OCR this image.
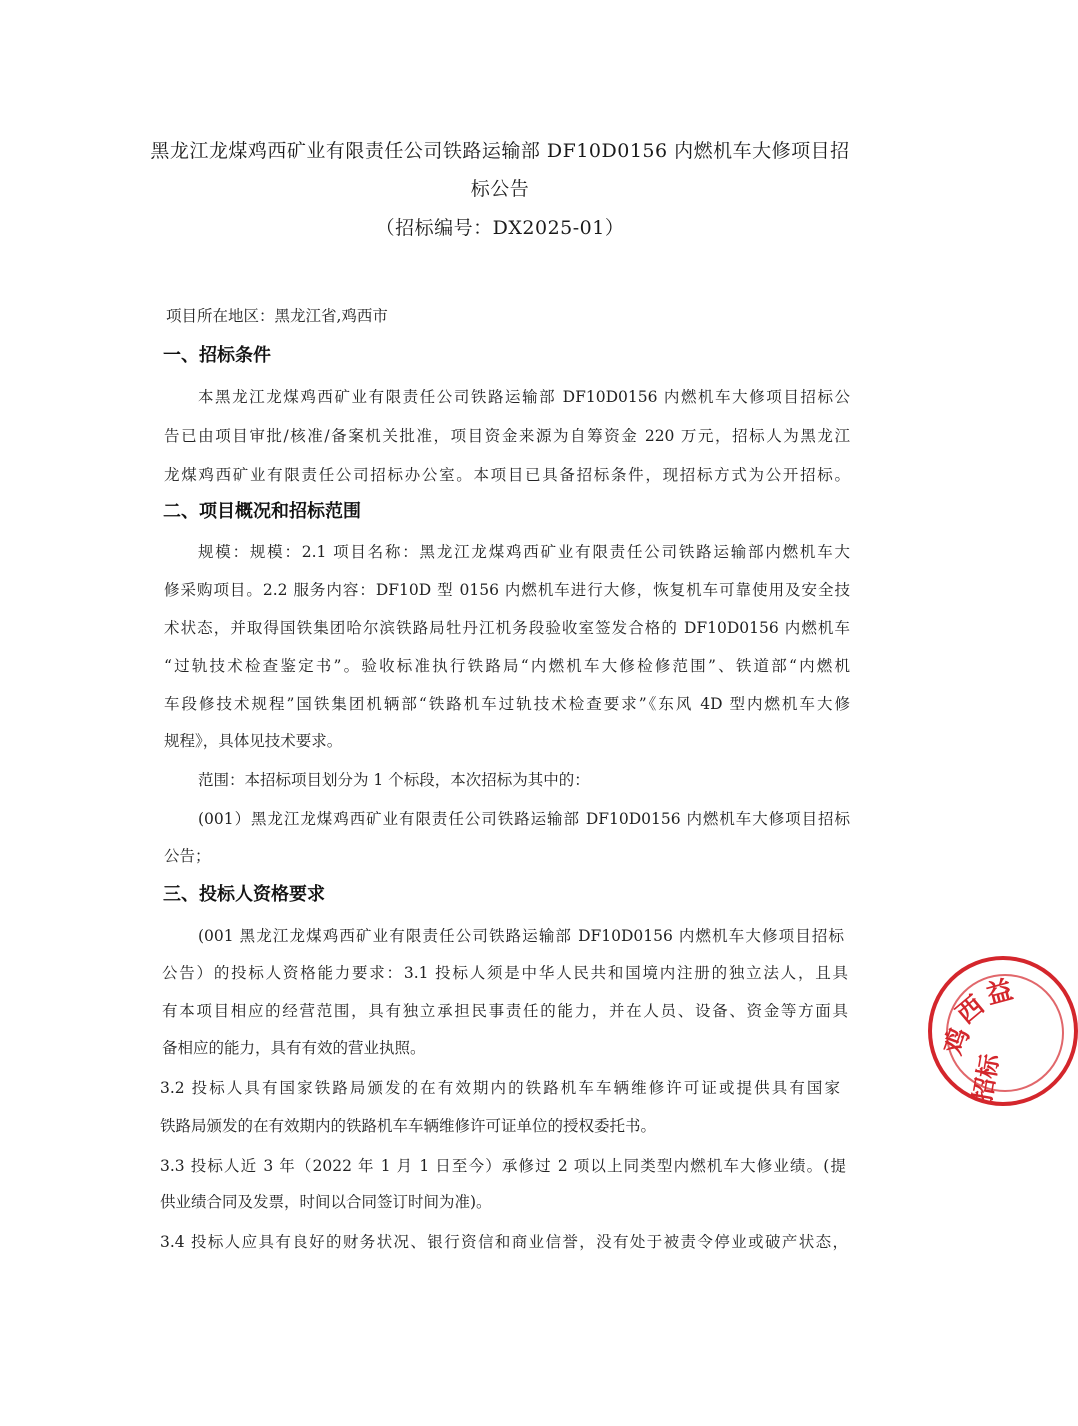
黑龙江龙煤鸡西矿业有限责任公司铁路运输部 DF10D0156 内燃机车大修项目招
标公告
（招标编号：DX2025-01）
项目所在地区：黑龙江省,鸡西市
一、招标条件
本黑龙江龙煤鸡西矿业有限责任公司铁路运输部 DF10D0156 内燃机车大修项目招标公
告已由项目审批/核准/备案机关批准，项目资金来源为自筹资金 220 万元，招标人为黑龙江
龙煤鸡西矿业有限责任公司招标办公室。本项目已具备招标条件，现招标方式为公开招标。
二、项目概况和招标范围
规模：规模：2.1 项目名称：黑龙江龙煤鸡西矿业有限责任公司铁路运输部内燃机车大
修采购项目。2.2 服务内容：DF10D 型 0156 内燃机车进行大修，恢复机车可靠使用及安全技
术状态，并取得国铁集团哈尔滨铁路局牡丹江机务段验收室签发合格的 DF10D0156 内燃机车
“过轨技术检查鉴定书”。验收标准执行铁路局“内燃机车大修检修范围”、铁道部“内燃机
车段修技术规程”国铁集团机辆部“铁路机车过轨技术检查要求”《东风 4D 型内燃机车大修
规程》，具体见技术要求。
范围：本招标项目划分为 1 个标段，本次招标为其中的：
(001）黑龙江龙煤鸡西矿业有限责任公司铁路运输部 DF10D0156 内燃机车大修项目招标
公告；
三、投标人资格要求
(001 黑龙江龙煤鸡西矿业有限责任公司铁路运输部 DF10D0156 内燃机车大修项目招标
公告）的投标人资格能力要求：3.1 投标人须是中华人民共和国境内注册的独立法人，且具
有本项目相应的经营范围，具有独立承担民事责任的能力，并在人员、设备、资金等方面具
备相应的能力，具有有效的营业执照。
3.2 投标人具有国家铁路局颁发的在有效期内的铁路机车车辆维修许可证或提供具有国家
铁路局颁发的在有效期内的铁路机车车辆维修许可证单位的授权委托书。
3.3 投标人近 3 年（2022 年 1 月 1 日至今）承修过 2 项以上同类型内燃机车大修业绩。(提
供业绩合同及发票，时间以合同签订时间为准)。
3.4 投标人应具有良好的财务状况、银行资信和商业信誉，没有处于被责令停业或破产状态，
鸡
西
益
招标
